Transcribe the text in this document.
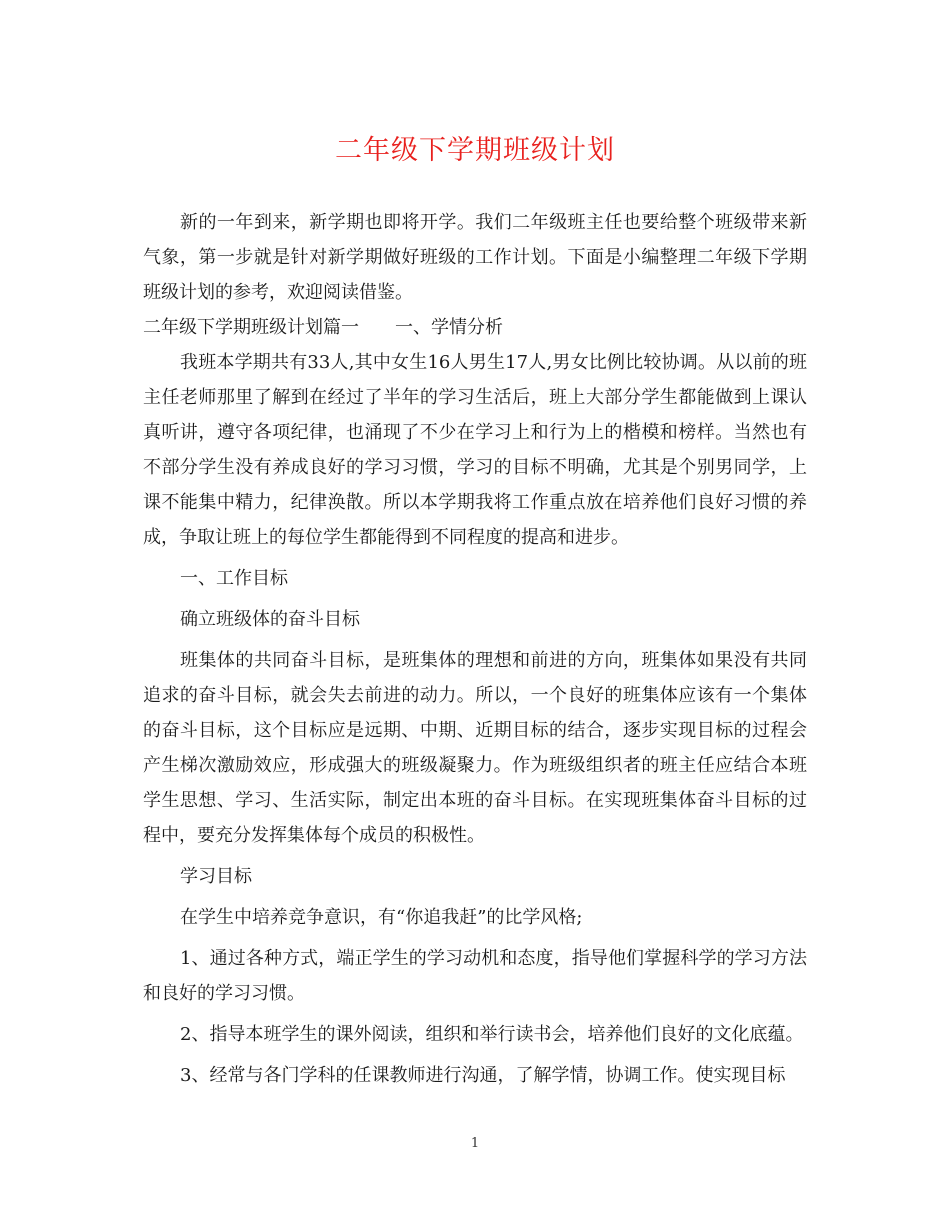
二年级下学期班级计划

新的一年到来，新学期也即将开学。我们二年级班主任也要给整个班级带来新气象，第一步就是针对新学期做好班级的工作计划。下面是小编整理二年级下学期班级计划的参考，欢迎阅读借鉴。

二年级下学期班级计划篇一　　一、学情分析

我班本学期共有33人,其中女生16人男生17人,男女比例比较协调。从以前的班主任老师那里了解到在经过了半年的学习生活后，班上大部分学生都能做到上课认真听讲，遵守各项纪律，也涌现了不少在学习上和行为上的楷模和榜样。当然也有不部分学生没有养成良好的学习习惯，学习的目标不明确，尤其是个别男同学，上课不能集中精力，纪律涣散。所以本学期我将工作重点放在培养他们良好习惯的养成，争取让班上的每位学生都能得到不同程度的提高和进步。

一、工作目标

确立班级体的奋斗目标

班集体的共同奋斗目标，是班集体的理想和前进的方向，班集体如果没有共同追求的奋斗目标，就会失去前进的动力。所以，一个良好的班集体应该有一个集体的奋斗目标，这个目标应是远期、中期、近期目标的结合，逐步实现目标的过程会产生梯次激励效应，形成强大的班级凝聚力。作为班级组织者的班主任应结合本班学生思想、学习、生活实际，制定出本班的奋斗目标。在实现班集体奋斗目标的过程中，要充分发挥集体每个成员的积极性。

学习目标

在学生中培养竞争意识，有“你追我赶”的比学风格;

1、通过各种方式，端正学生的学习动机和态度，指导他们掌握科学的学习方法和良好的学习习惯。

2、指导本班学生的课外阅读，组织和举行读书会，培养他们良好的文化底蕴。

3、经常与各门学科的任课教师进行沟通，了解学情，协调工作。使实现目标

1
